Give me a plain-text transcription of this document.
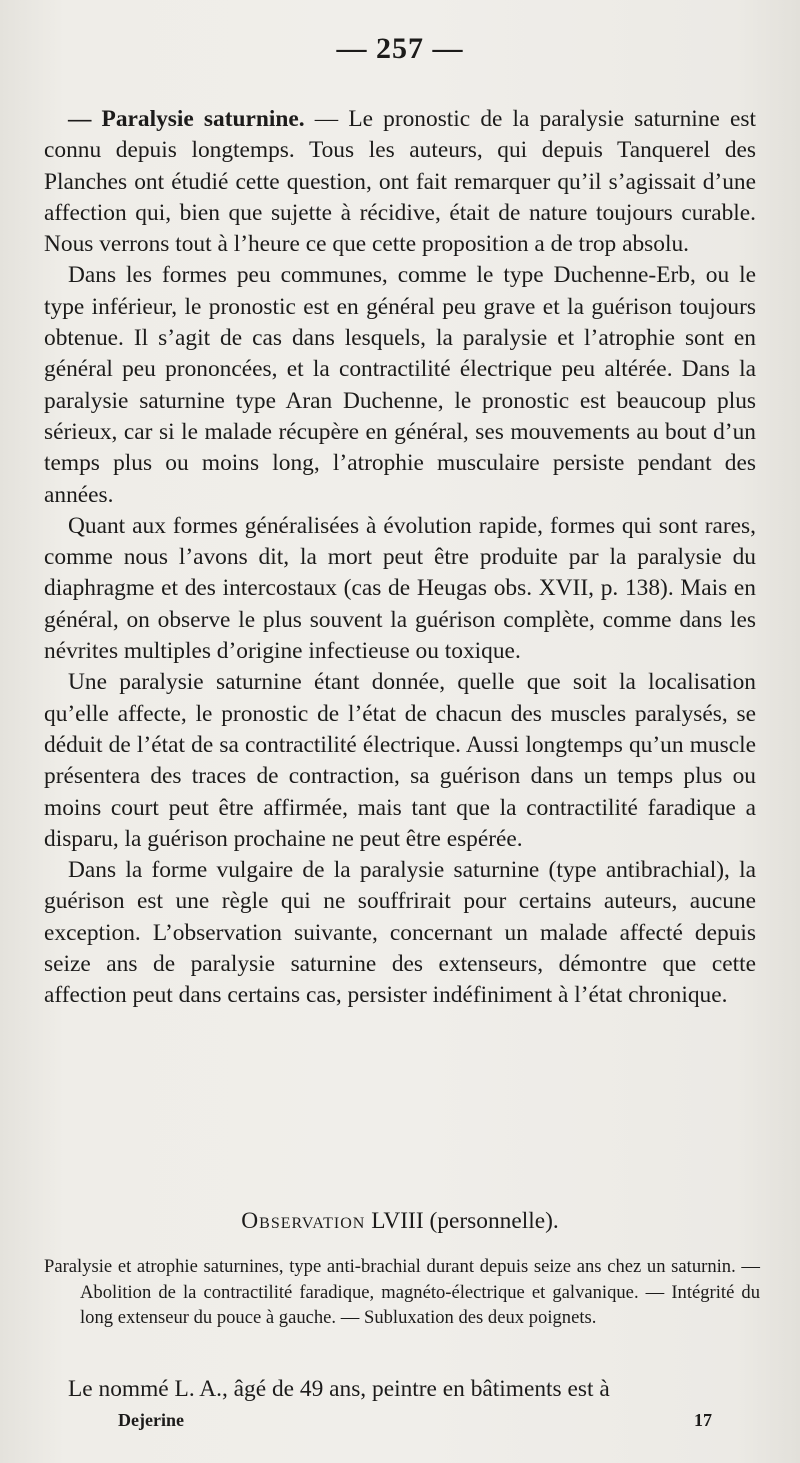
— 257 —

— Paralysie saturnine. — Le pronostic de la paralysie saturnine est connu depuis longtemps. Tous les auteurs, qui depuis Tanquerel des Planches ont étudié cette question, ont fait remarquer qu’il s’agissait d’une affection qui, bien que sujette à récidive, était de nature toujours curable. Nous verrons tout à l’heure ce que cette proposition a de trop absolu.

Dans les formes peu communes, comme le type Duchenne-Erb, ou le type inférieur, le pronostic est en général peu grave et la guérison toujours obtenue. Il s’agit de cas dans lesquels, la paralysie et l’atrophie sont en général peu prononcées, et la contractilité électrique peu altérée. Dans la paralysie saturnine type Aran Duchenne, le pronostic est beaucoup plus sérieux, car si le malade récupère en général, ses mouvements au bout d’un temps plus ou moins long, l’atrophie musculaire persiste pendant des années.

Quant aux formes généralisées à évolution rapide, formes qui sont rares, comme nous l’avons dit, la mort peut être produite par la paralysie du diaphragme et des intercostaux (cas de Heugas obs. XVII, p. 138). Mais en général, on observe le plus souvent la guérison complète, comme dans les névrites multiples d’origine infectieuse ou toxique.

Une paralysie saturnine étant donnée, quelle que soit la localisation qu’elle affecte, le pronostic de l’état de chacun des muscles paralysés, se déduit de l’état de sa contractilité électrique. Aussi longtemps qu’un muscle présentera des traces de contraction, sa guérison dans un temps plus ou moins court peut être affirmée, mais tant que la contractilité faradique a disparu, la guérison prochaine ne peut être espérée.

Dans la forme vulgaire de la paralysie saturnine (type antibrachial), la guérison est une règle qui ne souffrirait pour certains auteurs, aucune exception. L’observation suivante, concernant un malade affecté depuis seize ans de paralysie saturnine des extenseurs, démontre que cette affection peut dans certains cas, persister indéfiniment à l’état chronique.

Observation LVIII (personnelle).

Paralysie et atrophie saturnines, type anti-brachial durant depuis seize ans chez un saturnin. — Abolition de la contractilité faradique, magnéto-électrique et galvanique. — Intégrité du long extenseur du pouce à gauche. — Subluxation des deux poignets.

Le nommé L. A., âgé de 49 ans, peintre en bâtiments est à

Dejerine	17
